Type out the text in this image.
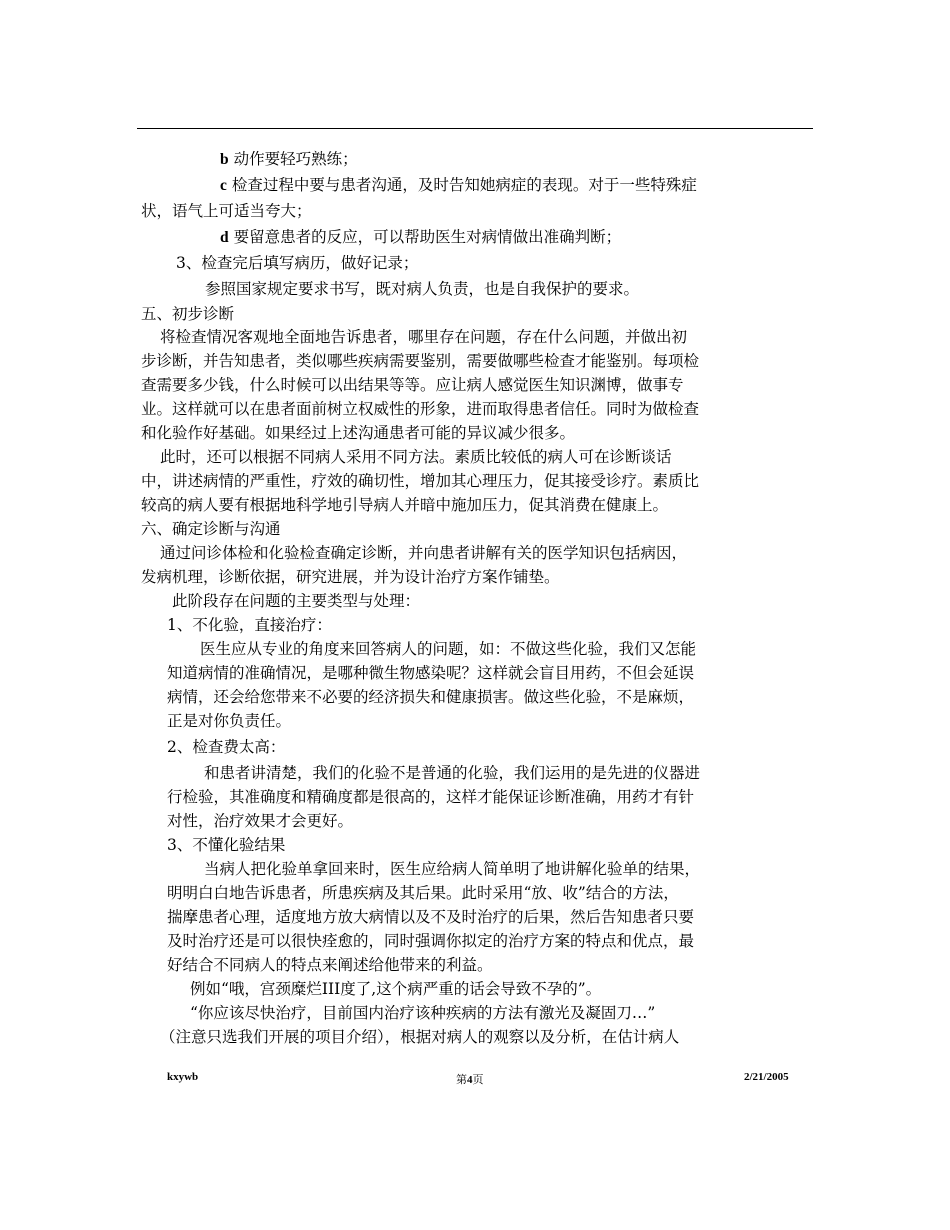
b 动作要轻巧熟练；
c 检查过程中要与患者沟通，及时告知她病症的表现。对于一些特殊症
状，语气上可适当夸大；
d 要留意患者的反应，可以帮助医生对病情做出准确判断；
3、检查完后填写病历，做好记录；
参照国家规定要求书写，既对病人负责，也是自我保护的要求。
五、初步诊断
将检查情况客观地全面地告诉患者，哪里存在问题，存在什么问题，并做出初
步诊断，并告知患者，类似哪些疾病需要鉴别，需要做哪些检查才能鉴别。每项检
查需要多少钱，什么时候可以出结果等等。应让病人感觉医生知识渊博，做事专
业。这样就可以在患者面前树立权威性的形象，进而取得患者信任。同时为做检查
和化验作好基础。如果经过上述沟通患者可能的异议减少很多。
此时，还可以根据不同病人采用不同方法。素质比较低的病人可在诊断谈话
中，讲述病情的严重性，疗效的确切性，增加其心理压力，促其接受诊疗。素质比
较高的病人要有根据地科学地引导病人并暗中施加压力，促其消费在健康上。
六、确定诊断与沟通
通过问诊体检和化验检查确定诊断，并向患者讲解有关的医学知识包括病因，
发病机理，诊断依据，研究进展，并为设计治疗方案作铺垫。
此阶段存在问题的主要类型与处理：
1、不化验，直接治疗：
医生应从专业的角度来回答病人的问题，如：不做这些化验，我们又怎能
知道病情的准确情况，是哪种微生物感染呢？这样就会盲目用药，不但会延误
病情，还会给您带来不必要的经济损失和健康损害。做这些化验，不是麻烦，
正是对你负责任。
2、检查费太高：
和患者讲清楚，我们的化验不是普通的化验，我们运用的是先进的仪器进
行检验，其准确度和精确度都是很高的，这样才能保证诊断准确，用药才有针
对性，治疗效果才会更好。
3、不懂化验结果
当病人把化验单拿回来时，医生应给病人简单明了地讲解化验单的结果，
明明白白地告诉患者，所患疾病及其后果。此时采用“放、收”结合的方法，
揣摩患者心理，适度地方放大病情以及不及时治疗的后果，然后告知患者只要
及时治疗还是可以很快痊愈的，同时强调你拟定的治疗方案的特点和优点，最
好结合不同病人的特点来阐述给他带来的利益。
例如“哦，宫颈糜烂III度了,这个病严重的话会导致不孕的”。
“你应该尽快治疗，目前国内治疗该种疾病的方法有激光及凝固刀…”
（注意只选我们开展的项目介绍），根据对病人的观察以及分析，在估计病人
kxywb	第4页	2/21/2005
